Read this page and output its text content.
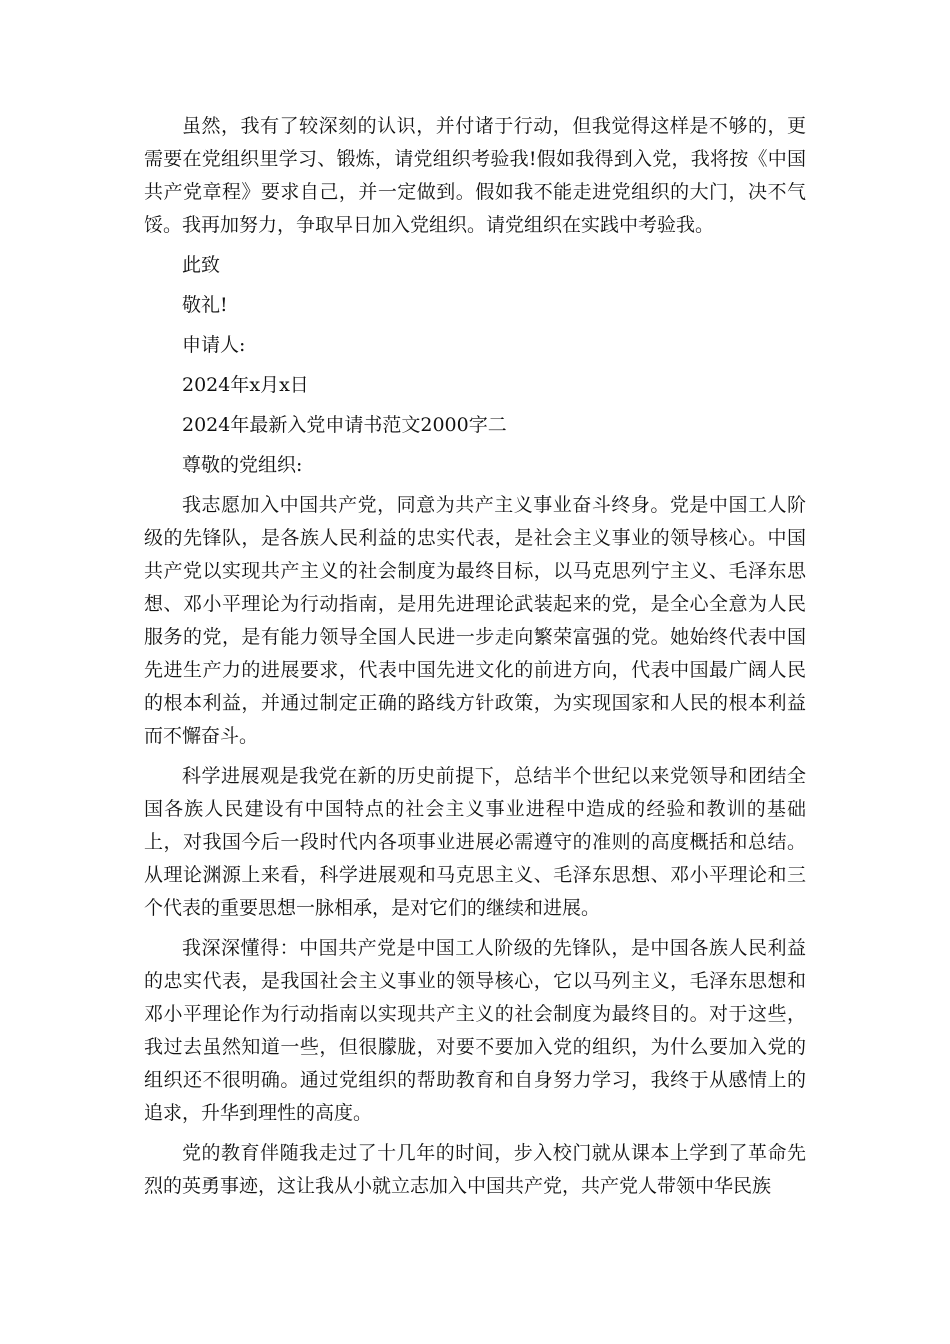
虽然，我有了较深刻的认识，并付诸于行动，但我觉得这样是不够的，更需要在党组织里学习、锻炼，请党组织考验我!假如我得到入党，我将按《中国共产党章程》要求自己，并一定做到。假如我不能走进党组织的大门，决不气馁。我再加努力，争取早日加入党组织。请党组织在实践中考验我。

此致

敬礼!

申请人:

2024年x月x日

2024年最新入党申请书范文2000字二

尊敬的党组织:

我志愿加入中国共产党，同意为共产主义事业奋斗终身。党是中国工人阶级的先锋队，是各族人民利益的忠实代表，是社会主义事业的领导核心。中国共产党以实现共产主义的社会制度为最终目标，以马克思列宁主义、毛泽东思想、邓小平理论为行动指南，是用先进理论武装起来的党，是全心全意为人民服务的党，是有能力领导全国人民进一步走向繁荣富强的党。她始终代表中国先进生产力的进展要求，代表中国先进文化的前进方向，代表中国最广阔人民的根本利益，并通过制定正确的路线方针政策，为实现国家和人民的根本利益而不懈奋斗。

科学进展观是我党在新的历史前提下，总结半个世纪以来党领导和团结全国各族人民建设有中国特点的社会主义事业进程中造成的经验和教训的基础上，对我国今后一段时代内各项事业进展必需遵守的准则的高度概括和总结。从理论渊源上来看，科学进展观和马克思主义、毛泽东思想、邓小平理论和三个代表的重要思想一脉相承，是对它们的继续和进展。

我深深懂得：中国共产党是中国工人阶级的先锋队，是中国各族人民利益的忠实代表，是我国社会主义事业的领导核心，它以马列主义，毛泽东思想和邓小平理论作为行动指南以实现共产主义的社会制度为最终目的。对于这些，我过去虽然知道一些，但很朦胧，对要不要加入党的组织，为什么要加入党的组织还不很明确。通过党组织的帮助教育和自身努力学习，我终于从感情上的追求，升华到理性的高度。

党的教育伴随我走过了十几年的时间，步入校门就从课本上学到了革命先烈的英勇事迹，这让我从小就立志加入中国共产党，共产党人带领中华民族
